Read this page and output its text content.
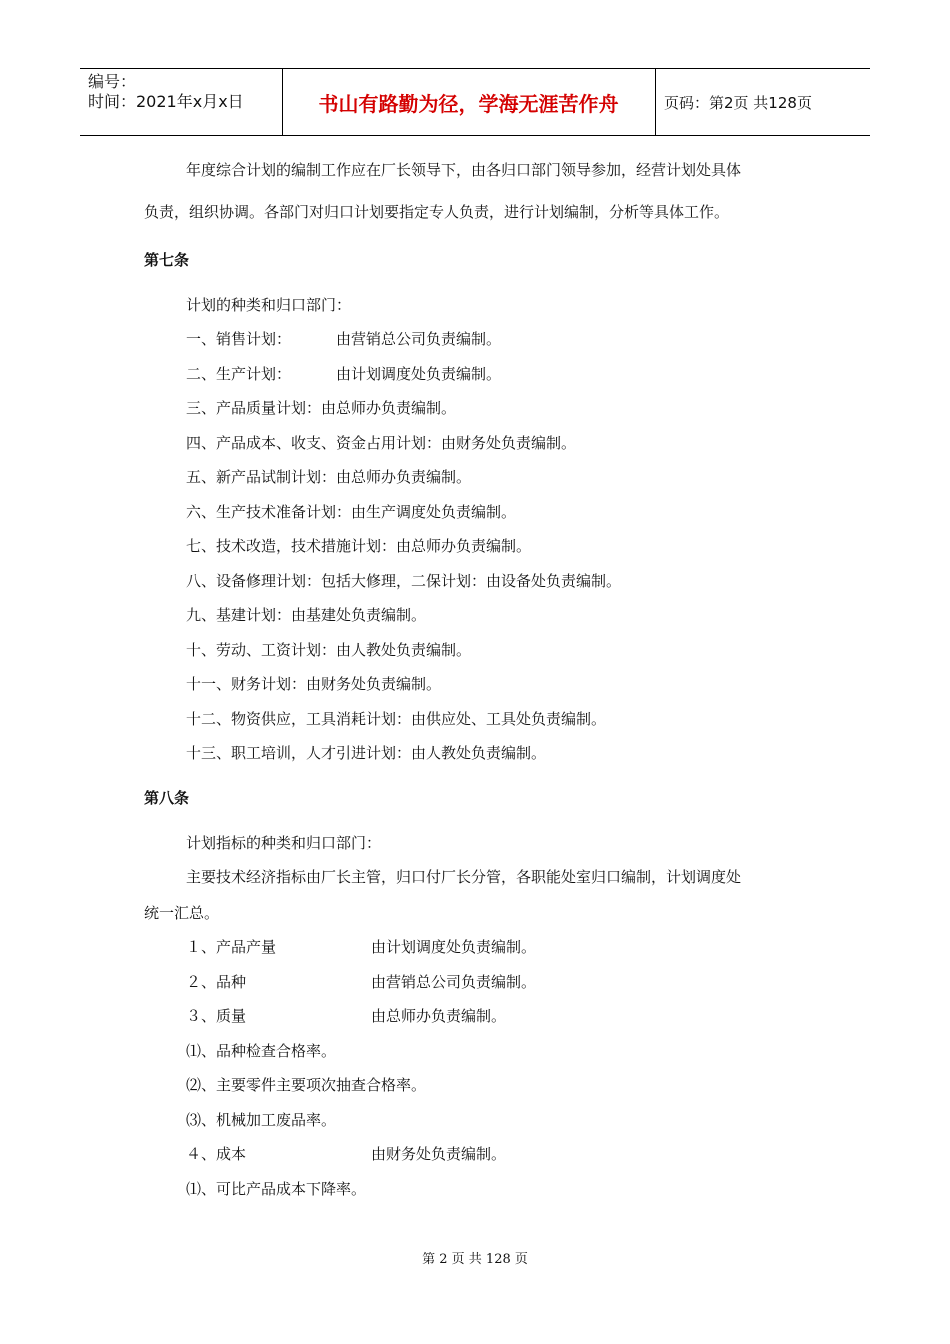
编号：
时间：2021年x月x日	书山有路勤为径，学海无涯苦作舟	页码：第2页 共128页
年度综合计划的编制工作应在厂长领导下，由各归口部门领导参加，经营计划处具体
负责，组织协调。各部门对归口计划要指定专人负责，进行计划编制，分析等具体工作。
第七条
计划的种类和归口部门：
一、销售计划：	由营销总公司负责编制。
二、生产计划：	由计划调度处负责编制。
三、产品质量计划：由总师办负责编制。
四、产品成本、收支、资金占用计划：由财务处负责编制。
五、新产品试制计划：由总师办负责编制。
六、生产技术准备计划：由生产调度处负责编制。
七、技术改造，技术措施计划：由总师办负责编制。
八、设备修理计划：包括大修理，二保计划：由设备处负责编制。
九、基建计划：由基建处负责编制。
十、劳动、工资计划：由人教处负责编制。
十一、财务计划：由财务处负责编制。
十二、物资供应，工具消耗计划：由供应处、工具处负责编制。
十三、职工培训，人才引进计划：由人教处负责编制。
第八条
计划指标的种类和归口部门：
主要技术经济指标由厂长主管，归口付厂长分管，各职能处室归口编制，计划调度处
统一汇总。
１、产品产量	由计划调度处负责编制。
２、品种	由营销总公司负责编制。
３、质量	由总师办负责编制。
⑴、品种检查合格率。
⑵、主要零件主要项次抽查合格率。
⑶、机械加工废品率。
４、成本	由财务处负责编制。
⑴、可比产品成本下降率。
第 2 页 共 128 页
